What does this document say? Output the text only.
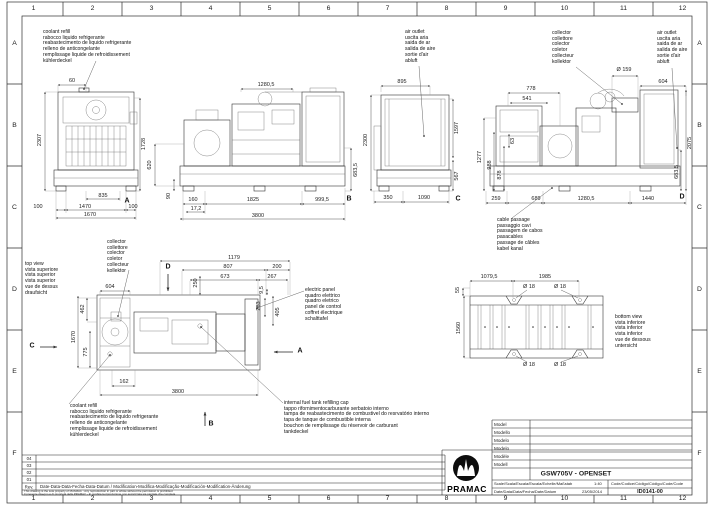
1	2	3	4	5	6	7	8	9	10	11	12
1	2	3	4	5	6	7	8	9	10	11	12
A
B
C
D
E
F
A
B
C
D
E
F
coolant refill
rabocco liquido refrigerante
reabastecimento de liquido refrigerante
relleno de anticongelante
remplissage liquide de refroidissement
kühlerdeckel
air outlet
uscita aria
saida de ar
salida de aire
sortie d'air
abluft
collector
collettore
colector
coletor
collecteur
kollektor
air outlet
uscita aria
saida de ar
salida de aire
sortie d'air
abluft
collector
collettore
colector
coletor
collecteur
kollektor
top view
vista superiore
vista superior
vista superior
vue de dessus
draufsicht	electric panel
quadro elettrico
quadro eletrico
panel de control
coffret électrique
schalttafel
coolant refill
rabocco liquido refrigerante
reabastecimento de liquido refrigerante
relleno de anticongelante
remplissage liquide de refroidissement
kühlerdeckel
internal fuel tank refilling cap
tappo rifornimentocarburante serbatoio interno
tampa de reabastecimento de combustivel do resrvatório interno
tapa de tanque de combustible interna
bouchon de remplissage du réservoir de carburant
tankdeckel
cable passage
passaggio cavi
passagem de cabos
pasacables
passage de câbles
kabel kanal
bottom view
vista inferiore
vista inferior
vista inferior
vue de dessous
untersicht
60
2307	1728
835
100	1470	100
1670
A
1280,5
620
90
160	1825	999,5
17,2
3800
683,5
B
895
2300
1597
567
350	1090	C
778
541
Ø 159
604
1277
988
878
63	2075
683,5
259	689	1280,5	1440	D
604	250
1179
807	200
673	267
9,5
283
405
462
1670
775
162
3800
D
C
A
B
1079,5	1985
55
1560
Ø 18	Ø 18
Ø 18	Ø 18
04
03
02
01
Rev. Date-Data-Data-Fecha-Data-Datum / Modification-Modifica-Modificação-Modificación-Modification-Änderung
This drawing is the sole property of PRAMAC : Any reproduction in part or whole without the permission is prohibited
Il presente disegno è di proprietà della PRAMAC - E' proibita la riproduzione non autorizzata sia parziale che completa
Model
Modello
Modelo
Modelo
Modèle
Modell
GSW705V - OPENSET
Scale/Scala/Escala/Escala/Echelle/Maßstab	1:40 Code/Codice/Código/Código/Code/Code
Date/Data/Data/Fecha/Date/Datum	23/05/2014	ID0141-00
PRAMAC
